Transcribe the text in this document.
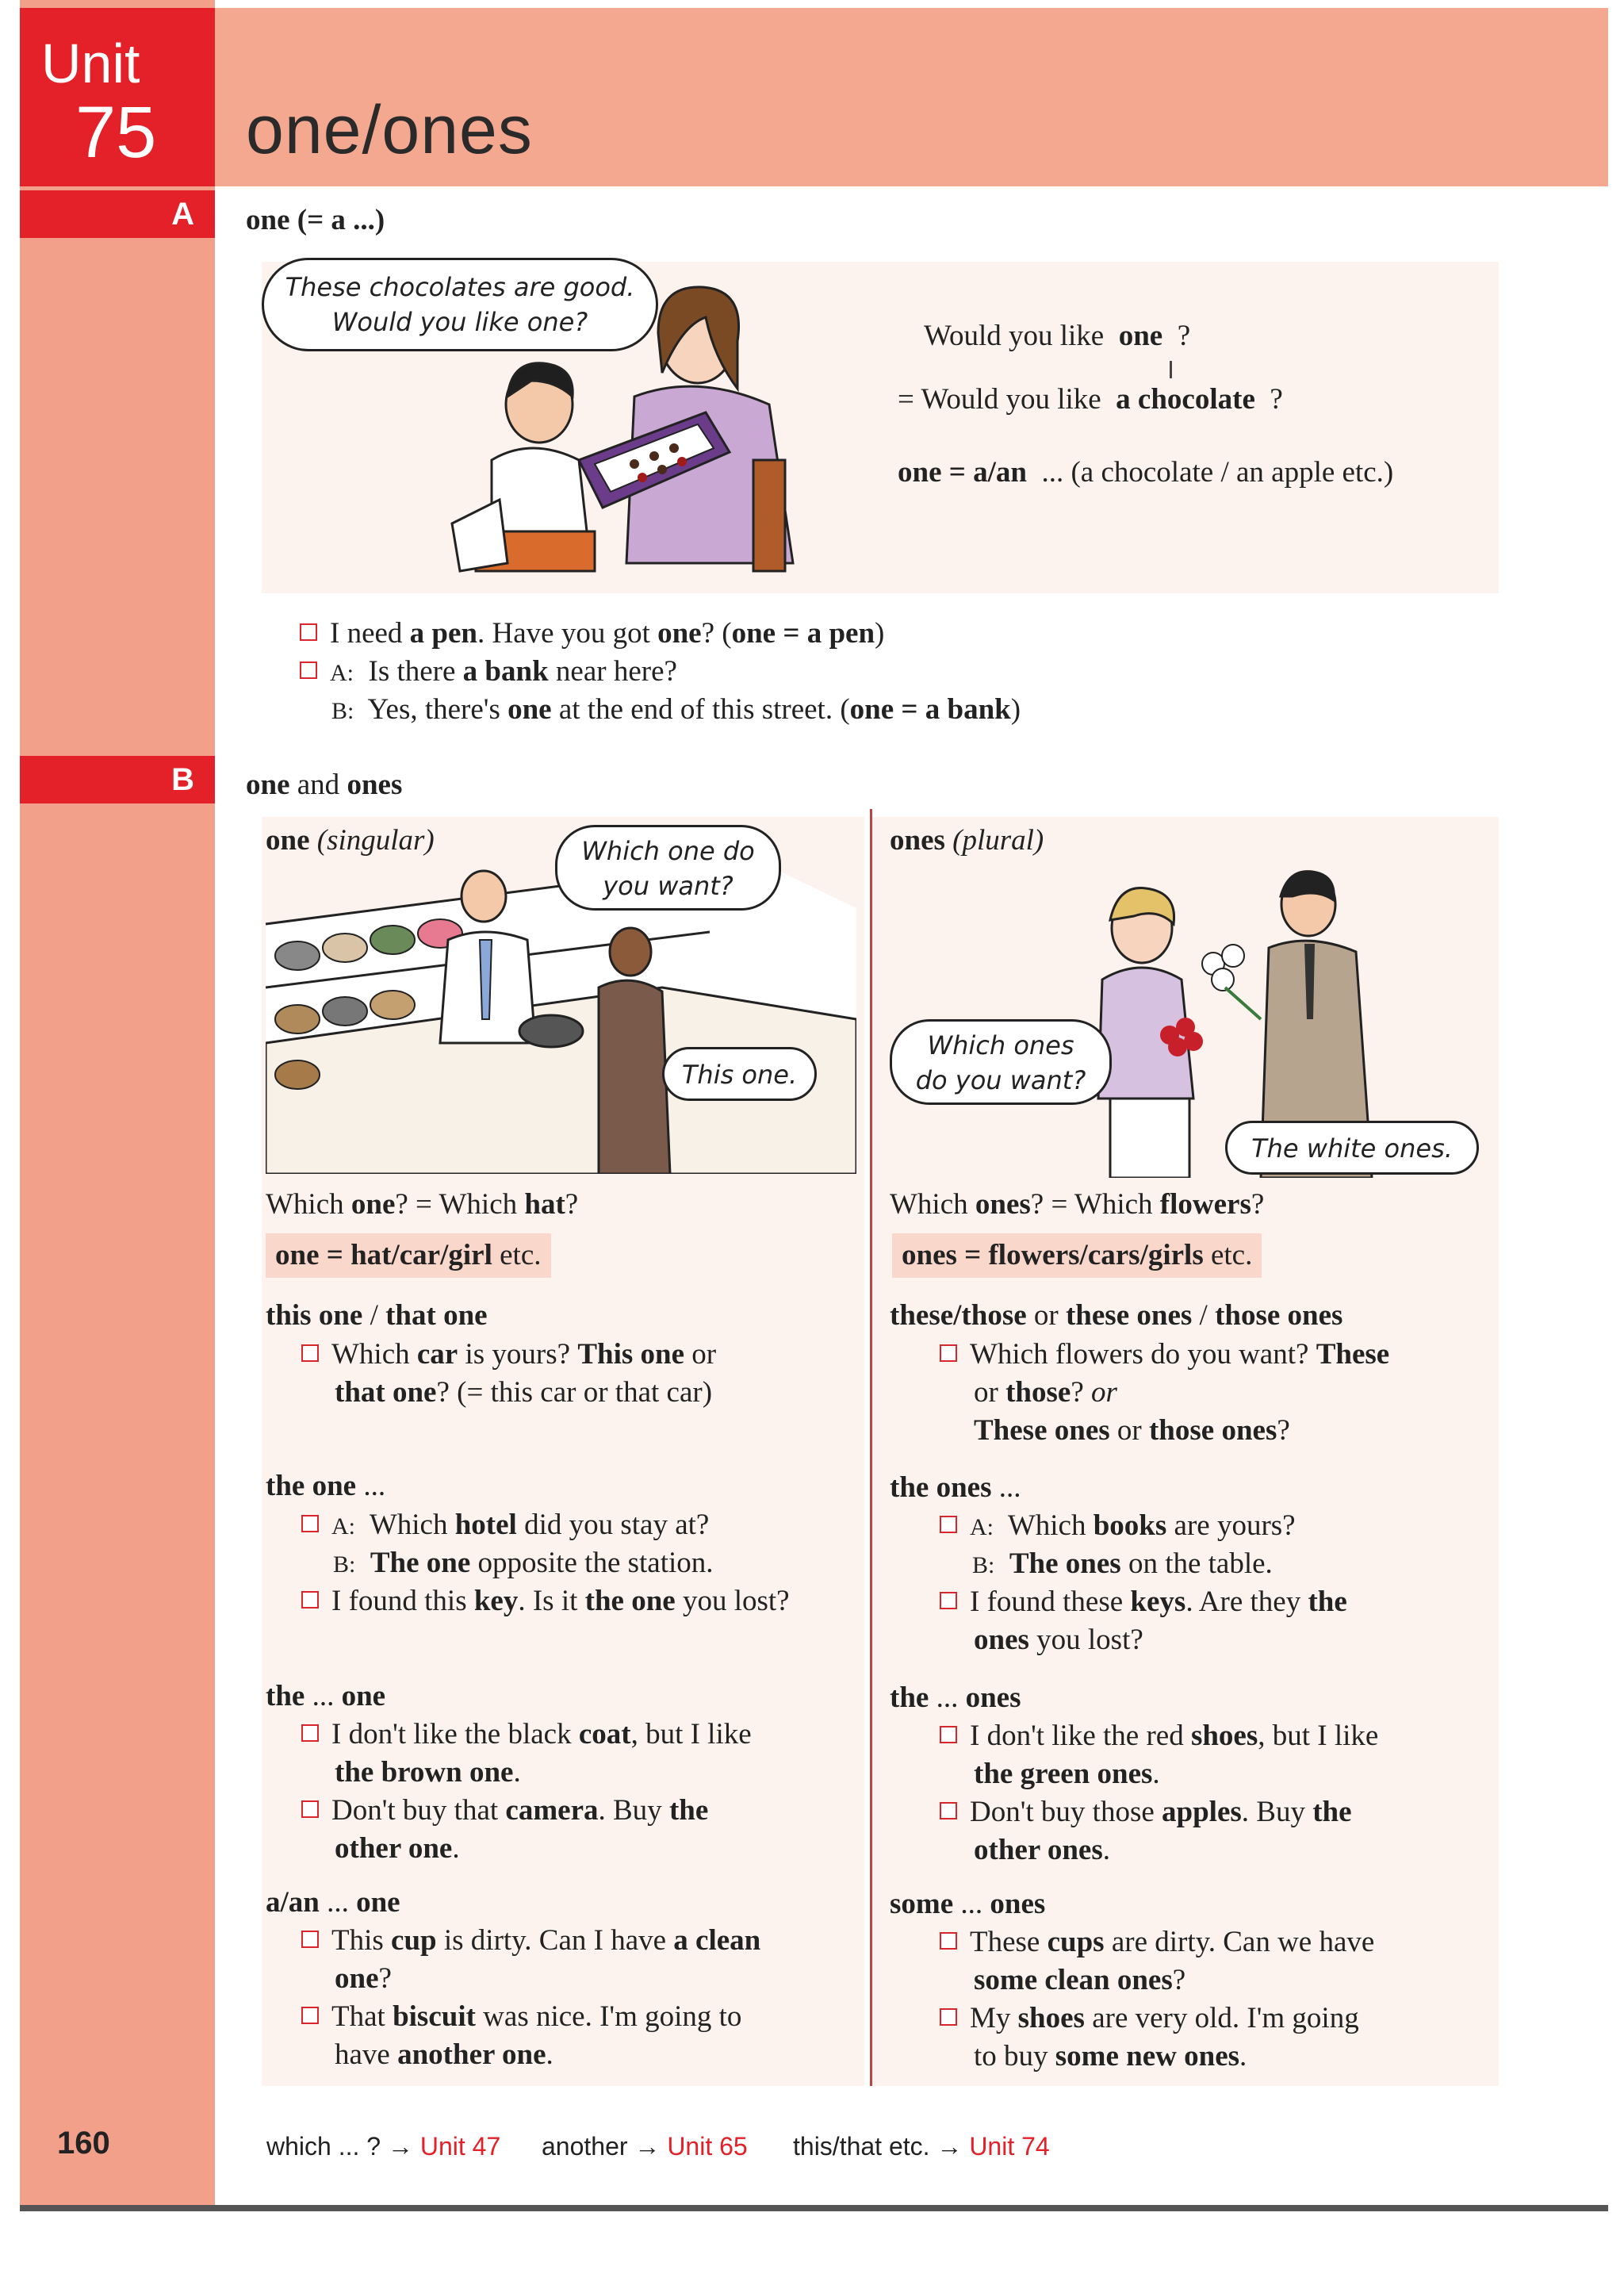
Unit
75 one/ones
A	one (= a ...)
These chocolates are good.
Would you like one?	Would you like one ?
= Would you like a chocolate ?
one = a/an ... (a chocolate / an apple etc.)
I need a pen. Have you got one? (one = a pen)
A: Is there a bank near here?
B: Yes, there's one at the end of this street. (one = a bank)
B	one and ones
one (singular)	Which one do
you want?
This one.
Which one? = Which hat?
one = hat/car/girl etc.
this one / that one
Which car is yours? This one or
that one? (= this car or that car)
the one ...
A: Which hotel did you stay at?
B: The one opposite the station.
I found this key. Is it the one you lost?
the ... one
I don't like the black coat, but I like
the brown one.
Don't buy that camera. Buy the
other one.
a/an ... one
This cup is dirty. Can I have a clean
one?
That biscuit was nice. I'm going to
have another one.
ones (plural)
Which ones
do you want?
The white ones.
Which ones? = Which flowers?
ones = flowers/cars/girls etc.
these/those or these ones / those ones
Which flowers do you want? These
or those? or
These ones or those ones?
the ones ...
A: Which books are yours?
B: The ones on the table.
I found these keys. Are they the
ones you lost?
the ... ones
I don't like the red shoes, but I like
the green ones.
Don't buy those apples. Buy the
other ones.
some ... ones
These cups are dirty. Can we have
some clean ones?
My shoes are very old. I'm going
to buy some new ones.
160	which ... ? → Unit 47 another → Unit 65 this/that etc. → Unit 74
